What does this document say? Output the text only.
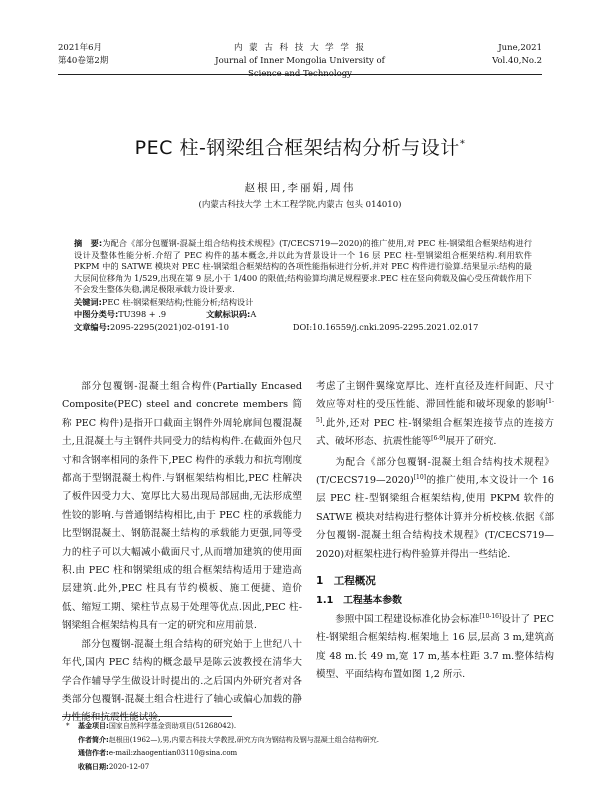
2021年6月
第40卷第2期
内 蒙 古 科 技 大 学 学 报
Journal of Inner Mongolia University of Science and Technology
June,2021
Vol.40,No.2
PEC 柱-钢梁组合框架结构分析与设计*
赵根田,李丽娟,周伟
(内蒙古科技大学 土木工程学院,内蒙古 包头 014010)
摘　要:为配合《部分包覆钢-混凝土组合结构技术规程》(T/CECS719—2020)的推广使用,对 PEC 柱-钢梁组合框架结构进行设计及整体性能分析.介绍了 PEC 构件的基本概念,并以此为背景设计一个 16 层 PEC 柱-型钢梁组合框架结构.利用软件 PKPM 中的 SATWE 模块对 PEC 柱-钢梁组合框架结构的各项性能指标进行分析,并对 PEC 构件进行验算.结果显示:结构的最大层间位移角为 1/529,出现在第 9 层,小于 1/400 的限值;结构验算均满足规程要求.PEC 柱在竖向荷载及偏心受压荷载作用下不会发生整体失稳,满足极限承载力设计要求.
关键词:PEC 柱-钢梁框架结构;性能分析;结构设计
中图分类号:TU398 + .9	文献标识码:A
文章编号:2095-2295(2021)02-0191-10	DOI:10.16559/j.cnki.2095-2295.2021.02.017

部分包覆钢-混凝土组合构件(Partially Encased Composite(PEC) steel and concrete members 简称 PEC 构件)是指开口截面主钢件外周轮廓间包覆混凝土,且混凝土与主钢件共同受力的结构构件.在截面外包尺寸和含钢率相同的条件下,PEC 构件的承载力和抗弯刚度都高于型钢混凝土构件.与钢框架结构相比,PEC 柱解决了板件因受力大、宽厚比大易出现局部屈曲,无法形成塑性铰的影响.与普通钢结构相比,由于 PEC 柱的承载能力比型钢混凝土、钢筋混凝土结构的承载能力更强,同等受力的柱子可以大幅减小截面尺寸,从而增加建筑的使用面积.由 PEC 柱和钢梁组成的组合框架结构适用于建造高层建筑.此外,PEC 柱具有节约模板、施工便捷、造价低、缩短工期、梁柱节点易于处理等优点.因此,PEC 柱-钢梁组合框架结构具有一定的研究和应用前景.

部分包覆钢-混凝土组合结构的研究始于上世纪八十年代,国内 PEC 结构的概念最早是陈云波教授在清华大学合作辅导学生做设计时提出的.之后国内外研究者对各类部分包覆钢-混凝土组合柱进行了轴心或偏心加载的静力性能和抗震性能试验,

考虑了主钢件翼缘宽厚比、连杆直径及连杆间距、尺寸效应等对柱的受压性能、滞回性能和破坏现象的影响[1-5].此外,还对 PEC 柱-钢梁组合框架连接节点的连接方式、破坏形态、抗震性能等[6-9]展开了研究.

为配合《部分包覆钢-混凝土组合结构技术规程》(T/CECS719—2020)[10]的推广使用,本文设计一个 16 层 PEC 柱-型钢梁组合框架结构,使用 PKPM 软件的 SATWE 模块对结构进行整体计算并分析校核.依据《部分包覆钢-混凝土组合结构技术规程》(T/CECS719—2020)对框架柱进行构件验算并得出一些结论.

1　工程概况
1.1　工程基本参数

参照中国工程建设标准化协会标准[10-16]设计了 PEC 柱-钢梁组合框架结构.框架地上 16 层,层高 3 m,建筑高度 48 m.长 49 m,宽 17 m,基本柱距 3.7 m.整体结构模型、平面结构布置如图 1,2 所示.

* 基金项目:国家自然科学基金资助项目(51268042).
作者简介:赵根田(1962—),男,内蒙古科技大学教授,研究方向为钢结构及钢与混凝土组合结构研究.
通信作者:e-mail:zhaogentian03110@sina.com
收稿日期:2020-12-07
